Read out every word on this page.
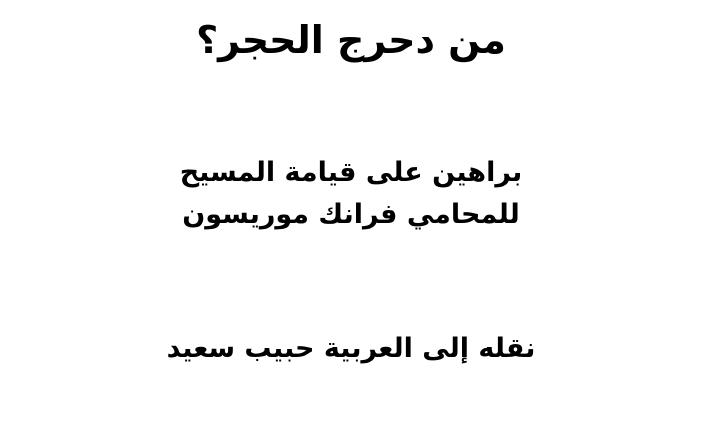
من دحرج الحجر؟
براهين على قيامة المسيح
للمحامي فرانك موريسون
نقله إلى العربية حبيب سعيد
